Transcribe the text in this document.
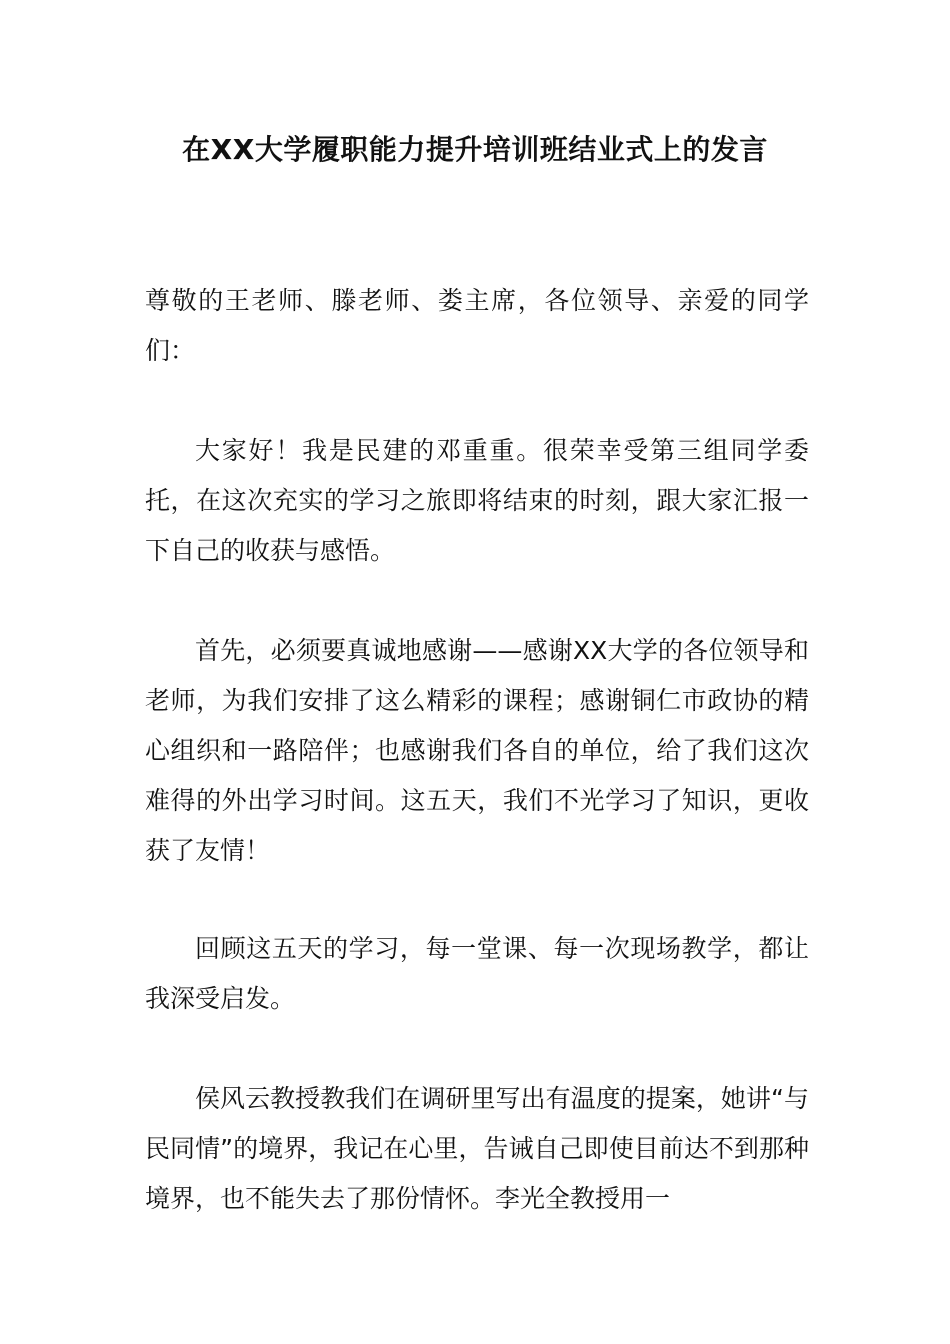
在XX大学履职能力提升培训班结业式上的发言

尊敬的王老师、滕老师、娄主席，各位领导、亲爱的同学们：

大家好！我是民建的邓重重。很荣幸受第三组同学委托，在这次充实的学习之旅即将结束的时刻，跟大家汇报一下自己的收获与感悟。

首先，必须要真诚地感谢——感谢XX大学的各位领导和老师，为我们安排了这么精彩的课程；感谢铜仁市政协的精心组织和一路陪伴；也感谢我们各自的单位，给了我们这次难得的外出学习时间。这五天，我们不光学习了知识，更收获了友情！

回顾这五天的学习，每一堂课、每一次现场教学，都让我深受启发。

侯风云教授教我们在调研里写出有温度的提案，她讲“与民同情”的境界，我记在心里，告诫自己即使目前达不到那种境界，也不能失去了那份情怀。李光全教授用一
